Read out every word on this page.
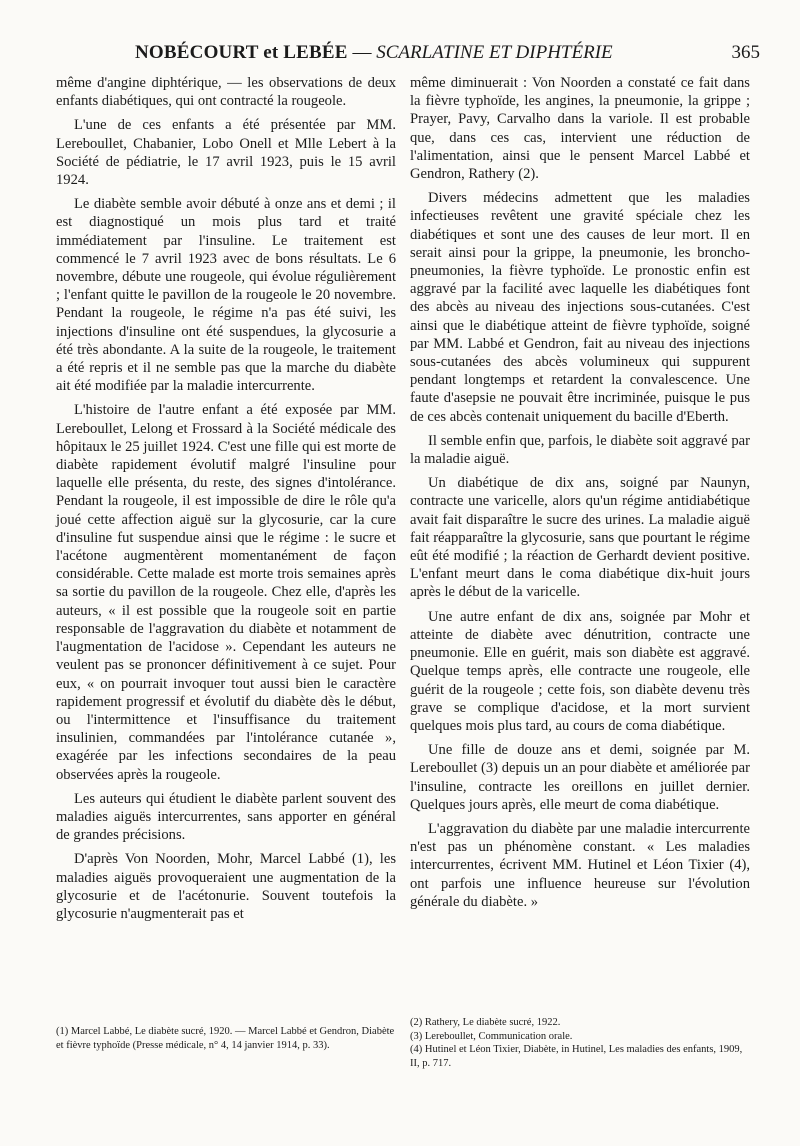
NOBÉCOURT et LEBÉE — SCARLATINE ET DIPHTÉRIE	365

même d'angine diphtérique, — les observations de deux enfants diabétiques, qui ont contracté la rougeole.

L'une de ces enfants a été présentée par MM. Lereboullet, Chabanier, Lobo Onell et Mlle Lebert à la Société de pédiatrie, le 17 avril 1923, puis le 15 avril 1924.

Le diabète semble avoir débuté à onze ans et demi ; il est diagnostiqué un mois plus tard et traité immédiatement par l'insuline. Le traitement est commencé le 7 avril 1923 avec de bons résultats. Le 6 novembre, débute une rougeole, qui évolue régulièrement ; l'enfant quitte le pavillon de la rougeole le 20 novembre. Pendant la rougeole, le régime n'a pas été suivi, les injections d'insuline ont été suspendues, la glycosurie a été très abondante. A la suite de la rougeole, le traitement a été repris et il ne semble pas que la marche du diabète ait été modifiée par la maladie intercurrente.

L'histoire de l'autre enfant a été exposée par MM. Lereboullet, Lelong et Frossard à la Société médicale des hôpitaux le 25 juillet 1924. C'est une fille qui est morte de diabète rapidement évolutif malgré l'insuline pour laquelle elle présenta, du reste, des signes d'intolérance. Pendant la rougeole, il est impossible de dire le rôle qu'a joué cette affection aiguë sur la glycosurie, car la cure d'insuline fut suspendue ainsi que le régime : le sucre et l'acétone augmentèrent momentanément de façon considérable. Cette malade est morte trois semaines après sa sortie du pavillon de la rougeole. Chez elle, d'après les auteurs, « il est possible que la rougeole soit en partie responsable de l'aggravation du diabète et notamment de l'augmentation de l'acidose ». Cependant les auteurs ne veulent pas se prononcer définitivement à ce sujet. Pour eux, « on pourrait invoquer tout aussi bien le caractère rapidement progressif et évolutif du diabète dès le début, ou l'intermittence et l'insuffisance du traitement insulinien, commandées par l'intolérance cutanée », exagérée par les infections secondaires de la peau observées après la rougeole.

Les auteurs qui étudient le diabète parlent souvent des maladies aiguës intercurrentes, sans apporter en général de grandes précisions.

D'après Von Noorden, Mohr, Marcel Labbé (1), les maladies aiguës provoqueraient une augmentation de la glycosurie et de l'acétonurie. Souvent toutefois la glycosurie n'augmenterait pas et

même diminuerait : Von Noorden a constaté ce fait dans la fièvre typhoïde, les angines, la pneumonie, la grippe ; Prayer, Pavy, Carvalho dans la variole. Il est probable que, dans ces cas, intervient une réduction de l'alimentation, ainsi que le pensent Marcel Labbé et Gendron, Rathery (2).

Divers médecins admettent que les maladies infectieuses revêtent une gravité spéciale chez les diabétiques et sont une des causes de leur mort. Il en serait ainsi pour la grippe, la pneumonie, les broncho-pneumonies, la fièvre typhoïde. Le pronostic enfin est aggravé par la facilité avec laquelle les diabétiques font des abcès au niveau des injections sous-cutanées. C'est ainsi que le diabétique atteint de fièvre typhoïde, soigné par MM. Labbé et Gendron, fait au niveau des injections sous-cutanées des abcès volumineux qui suppurent pendant longtemps et retardent la convalescence. Une faute d'asepsie ne pouvait être incriminée, puisque le pus de ces abcès contenait uniquement du bacille d'Eberth.

Il semble enfin que, parfois, le diabète soit aggravé par la maladie aiguë.

Un diabétique de dix ans, soigné par Naunyn, contracte une varicelle, alors qu'un régime antidiabétique avait fait disparaître le sucre des urines. La maladie aiguë fait réapparaître la glycosurie, sans que pourtant le régime eût été modifié ; la réaction de Gerhardt devient positive. L'enfant meurt dans le coma diabétique dix-huit jours après le début de la varicelle.

Une autre enfant de dix ans, soignée par Mohr et atteinte de diabète avec dénutrition, contracte une pneumonie. Elle en guérit, mais son diabète est aggravé. Quelque temps après, elle contracte une rougeole, elle guérit de la rougeole ; cette fois, son diabète devenu très grave se complique d'acidose, et la mort survient quelques mois plus tard, au cours de coma diabétique.

Une fille de douze ans et demi, soignée par M. Lereboullet (3) depuis un an pour diabète et améliorée par l'insuline, contracte les oreillons en juillet dernier. Quelques jours après, elle meurt de coma diabétique.

L'aggravation du diabète par une maladie intercurrente n'est pas un phénomène constant. « Les maladies intercurrentes, écrivent MM. Hutinel et Léon Tixier (4), ont parfois une influence heureuse sur l'évolution générale du diabète. »

(1) Marcel Labbé, Le diabète sucré, 1920. — Marcel Labbé et Gendron, Diabète et fièvre typhoïde (Presse médicale, n° 4, 14 janvier 1914, p. 33).

(2) Rathery, Le diabète sucré, 1922.

(3) Lereboullet, Communication orale.

(4) Hutinel et Léon Tixier, Diabète, in Hutinel, Les maladies des enfants, 1909, II, p. 717.
